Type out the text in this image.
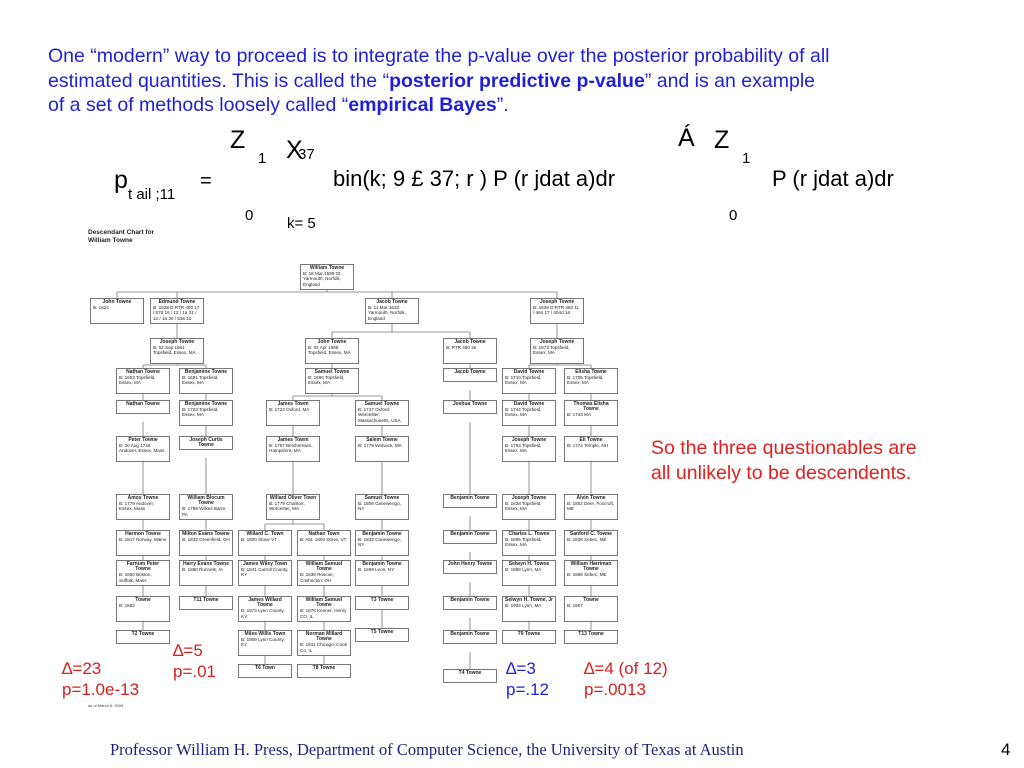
One “modern” way to proceed is to integrate the p-value over the posterior probability of all
estimated quantities. This is called the “posterior predictive p-value” and is an example
of a set of methods loosely called “empirical Bayes”.
Z
1
0
X
37
k= 5
p
t ail ;11
=	bin(k; 9 £ 37; r ) P (r jdat a)dr
Á Z
1
0
P (r jdat a)dr
Descendant Chart for
William Towne
as of March 6, 2006
William Towne
B: 18 Mar 1599 Gt. Yarmouth, Norfolk, England
John Towne
B: 1624
Edmund Towne
B: 1628 D:RTR 400 17 / 576 16 / 12 / 1a 31 / 12 / 1a 30 / 536 10
Jacob Towne
B: 11 Mar 1632 Yarmouth, Norfolk, England
Joseph Towne
B: 1639 D:RTR 460 11 / 464 17 / 4b4d 16
Joseph Towne
B: 02 Sep 1661 Topsfield, Essex, MA
John Towne
B: 02 Apr 1658 Topsfield, Essex, MA
Jacob Towne
B: RTR 460 26
Joseph Towne
B: 1673 Topsfield, Essex, MA
Nathan Towne
B: 1693 Topsfield, Essex, MA
Benjamine Towne
B: 1691 Topsfield, Essex, MA
Samuel Towne
B: 1690 Topsfield, Essex, MA
Jacob Towne	David Towne
B: 1710 Topsfield, Essex, MA
Elisha Towne
B: 1705 Topsfield, Essex, MA
Nathan Towne	Benjamine Towne
B: 1723 Topsfield, Essex, MA
James Towm
B: 1723 Oxford, MA
Samuel Towne
B: 1747 Oxford, Worcester, Massachusetts, USA
Joshua Towne	David Towne
B: 1744 Topsfield, Essex, MA
Thomas Elisha Towne
B: 1743 MA
Peter Towne
B: 20 Aug 1749 Andover, Essex, Mass
Joseph Curtis Towne
James Towm
B: 1757 Belchertown, Hampshire, MA
Salem Towne
B: 1779 Warwick, MA
Joseph Towne
B: 1783 Topsfield, Essex, MA
Eli Towne
B: 1774 Temple, NH
Amos Towne
B: 1779 Andover, Essex, Mass
William Blocum Towne
B: 1799 Wilkes Barre, PA
Willard Oliver Town
B: 1779 Charlton, Worcester, MA
Samuel Towne
B: 1809 Canewengo, NY
Benjamin Towne	Joseph Towne
B: 1828 Topsfield, Essex, MA
Alvin Towne
B: 1802 Deer, Foxcroft, ME
Harmon Towne
B: 1817 Norway, Maine
Milton Evans Towne
B: 1833 Greenfield, OH
Willard C. Town
B: 1800 Stove VT
Nathan Town
B: Abt. 1800 Stove, VT
Benjamin Towne
B: 1833 Canewengo, NY
Benjamin Towne	Charles L. Towne
B: 1805 Topsfield, Essex, MA
Sanford C. Towne
B: 1838 Sebec, ME
Farnum Peter Towne
B: 1850 Boston, Suffolk, Mass
Harry Evans Towne
B: 1860 Runnels, IA
James Wiley Town
B: 1841 Carroll County, KY
William Samuel Towne
B: 1839 Roscoe, Coshocton, OH
Benjamin Towne
B: 1869 Leon, NY
John Henry Towne	Selwyn H. Towne
B: 1868 Lynn, MA
William Harriman Towne
B: 1868 Sebec, ME
Towne
B: 1882
T11 Towne	James Willard Towne
B: 1873 Lynn County, KY
William Samuel Towne
B: 1878 Kenner, Henry CO, IL
T3 Towne	Benjamin Towne	Selwyn H. Towne, Jr
B: 1904 Lynn, MA
Towne
B: 1907
T2 Towne	Miles Willis Town
B: 1909 Lynn County, KY
Norman Millard Towne
B: 1911 Chicago, Cook Co, IL
Benjamin Towne	T9 Towne	T13 Towne
T6 Town	T8 Towne
T4 Towne
T5 Towne
So the three questionables are
all unlikely to be descendents.
∆=23
p=1.0e-13
∆=5
p=.01	∆=3
p=.12
∆=4 (of 12)
p=.0013
Professor William H. Press, Department of Computer Science, the University of Texas at Austin	4
